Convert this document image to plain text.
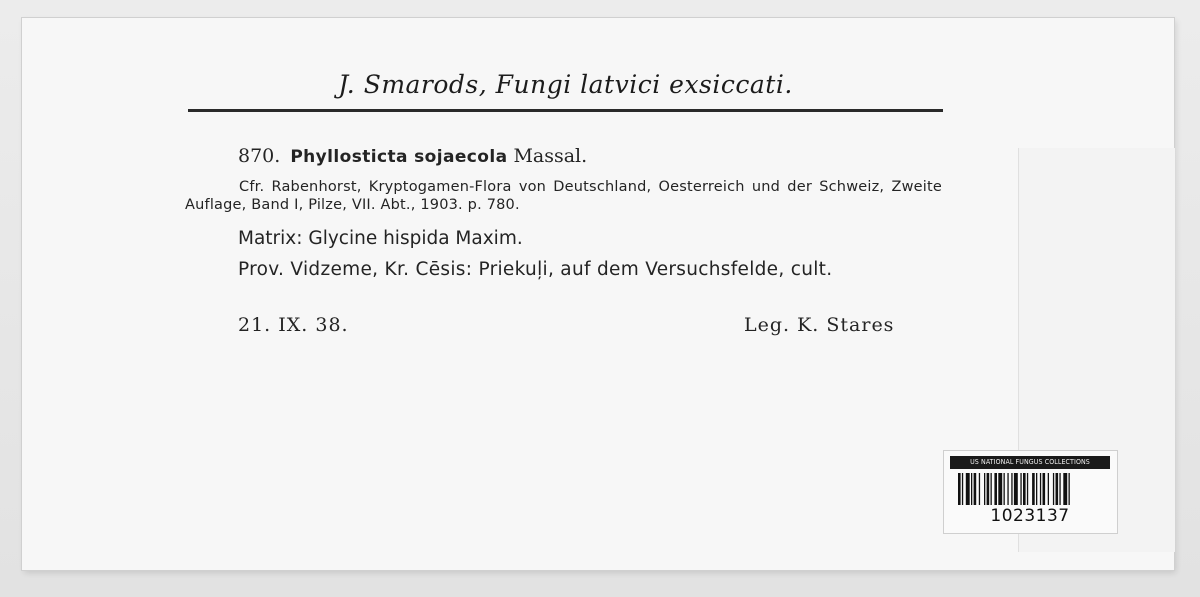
J. Smarods, Fungi latvici exsiccati.
870. Phyllosticta sojaecola Massal.
Cfr. Rabenhorst, Kryptogamen-Flora von Deutschland, Oesterreich und der Schweiz, Zweite Auflage, Band I, Pilze, VII. Abt., 1903. p. 780.
Matrix: Glycine hispida Maxim.
Prov. Vidzeme, Kr. Cēsis: Priekuļi, auf dem Versuchsfelde, cult.
21. IX. 38.	Leg. K. Stares
US NATIONAL FUNGUS COLLECTIONS
1023137
